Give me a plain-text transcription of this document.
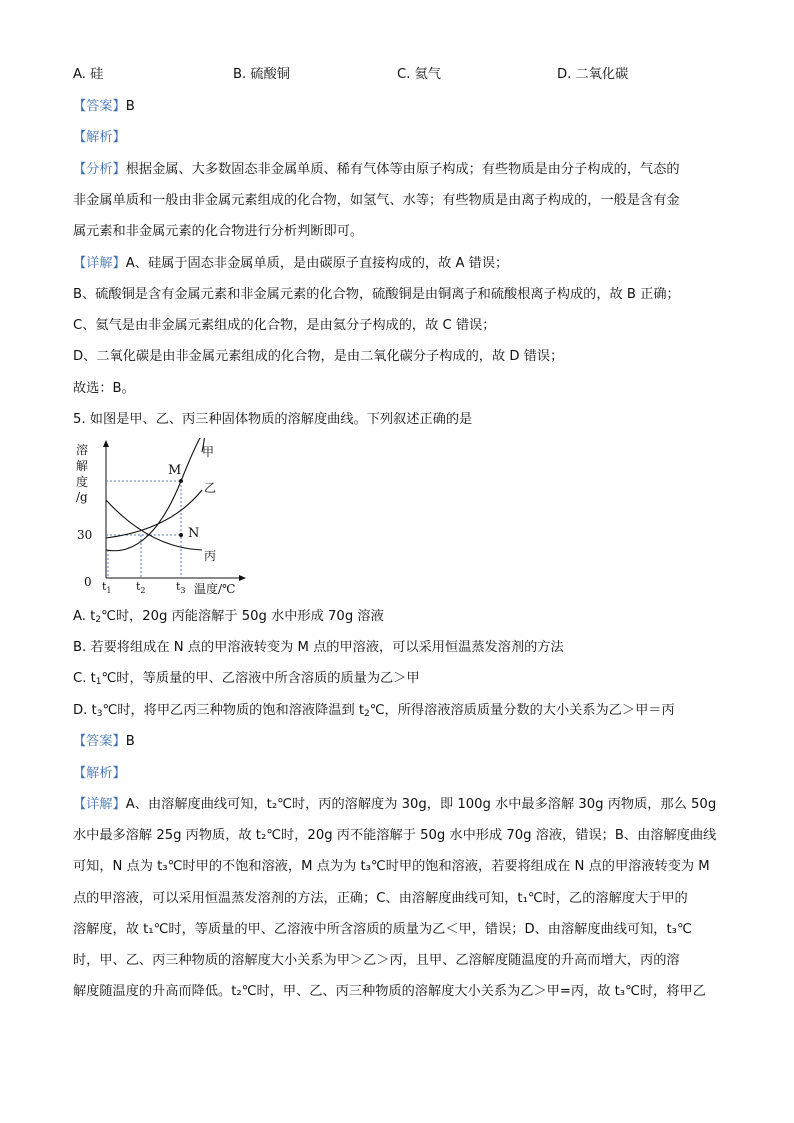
A. 硅	B. 硫酸铜	C. 氦气	D. 二氧化碳
【答案】B
【解析】
【分析】根据金属、大多数固态非金属单质、稀有气体等由原子构成；有些物质是由分子构成的，气态的
非金属单质和一般由非金属元素组成的化合物，如氢气、水等；有些物质是由离子构成的，一般是含有金
属元素和非金属元素的化合物进行分析判断即可。
【详解】A、硅属于固态非金属单质，是由碳原子直接构成的，故 A 错误；
B、硫酸铜是含有金属元素和非金属元素的化合物，硫酸铜是由铜离子和硫酸根离子构成的，故 B 正确；
C、氦气是由非金属元素组成的化合物，是由氦分子构成的，故 C 错误；
D、二氧化碳是由非金属元素组成的化合物，是由二氧化碳分子构成的，故 D 错误；
故选：B。
5. 如图是甲、乙、丙三种固体物质的溶解度曲线。下列叙述正确的是
溶
解
度
/g
0
30
$t_1$ $t_2$	$t_3$ 温度/℃
M
N
甲
乙
丙
A. $t_2℃$时，20g 丙能溶解于 50g 水中形成 70g 溶液
B. 若要将组成在 N 点的甲溶液转变为 M 点的甲溶液，可以采用恒温蒸发溶剂的方法
C. $t_1℃$时，等质量的甲、乙溶液中所含溶质的质量为乙＞甲
D. $t_3℃$时，将甲乙丙三种物质的饱和溶液降温到 $t_2℃$，所得溶液溶质质量分数的大小关系为乙＞甲＝丙
【答案】B
【解析】
【详解】A、由溶解度曲线可知，t₂℃时，丙的溶解度为 30g，即 100g 水中最多溶解 30g 丙物质，那么 50g
水中最多溶解 25g 丙物质，故 t₂℃时，20g 丙不能溶解于 50g 水中形成 70g 溶液，错误；B、由溶解度曲线
可知，N 点为 t₃℃时甲的不饱和溶液，M 点为为 t₃℃时甲的饱和溶液，若要将组成在 N 点的甲溶液转变为 M
点的甲溶液，可以采用恒温蒸发溶剂的方法，正确；C、由溶解度曲线可知，t₁℃时，乙的溶解度大于甲的
溶解度，故 t₁℃时，等质量的甲、乙溶液中所含溶质的质量为乙＜甲，错误；D、由溶解度曲线可知，t₃℃
时，甲、乙、丙三种物质的溶解度大小关系为甲＞乙＞丙，且甲、乙溶解度随温度的升高而增大，丙的溶
解度随温度的升高而降低。t₂℃时，甲、乙、丙三种物质的溶解度大小关系为乙＞甲=丙，故 t₃℃时，将甲乙
